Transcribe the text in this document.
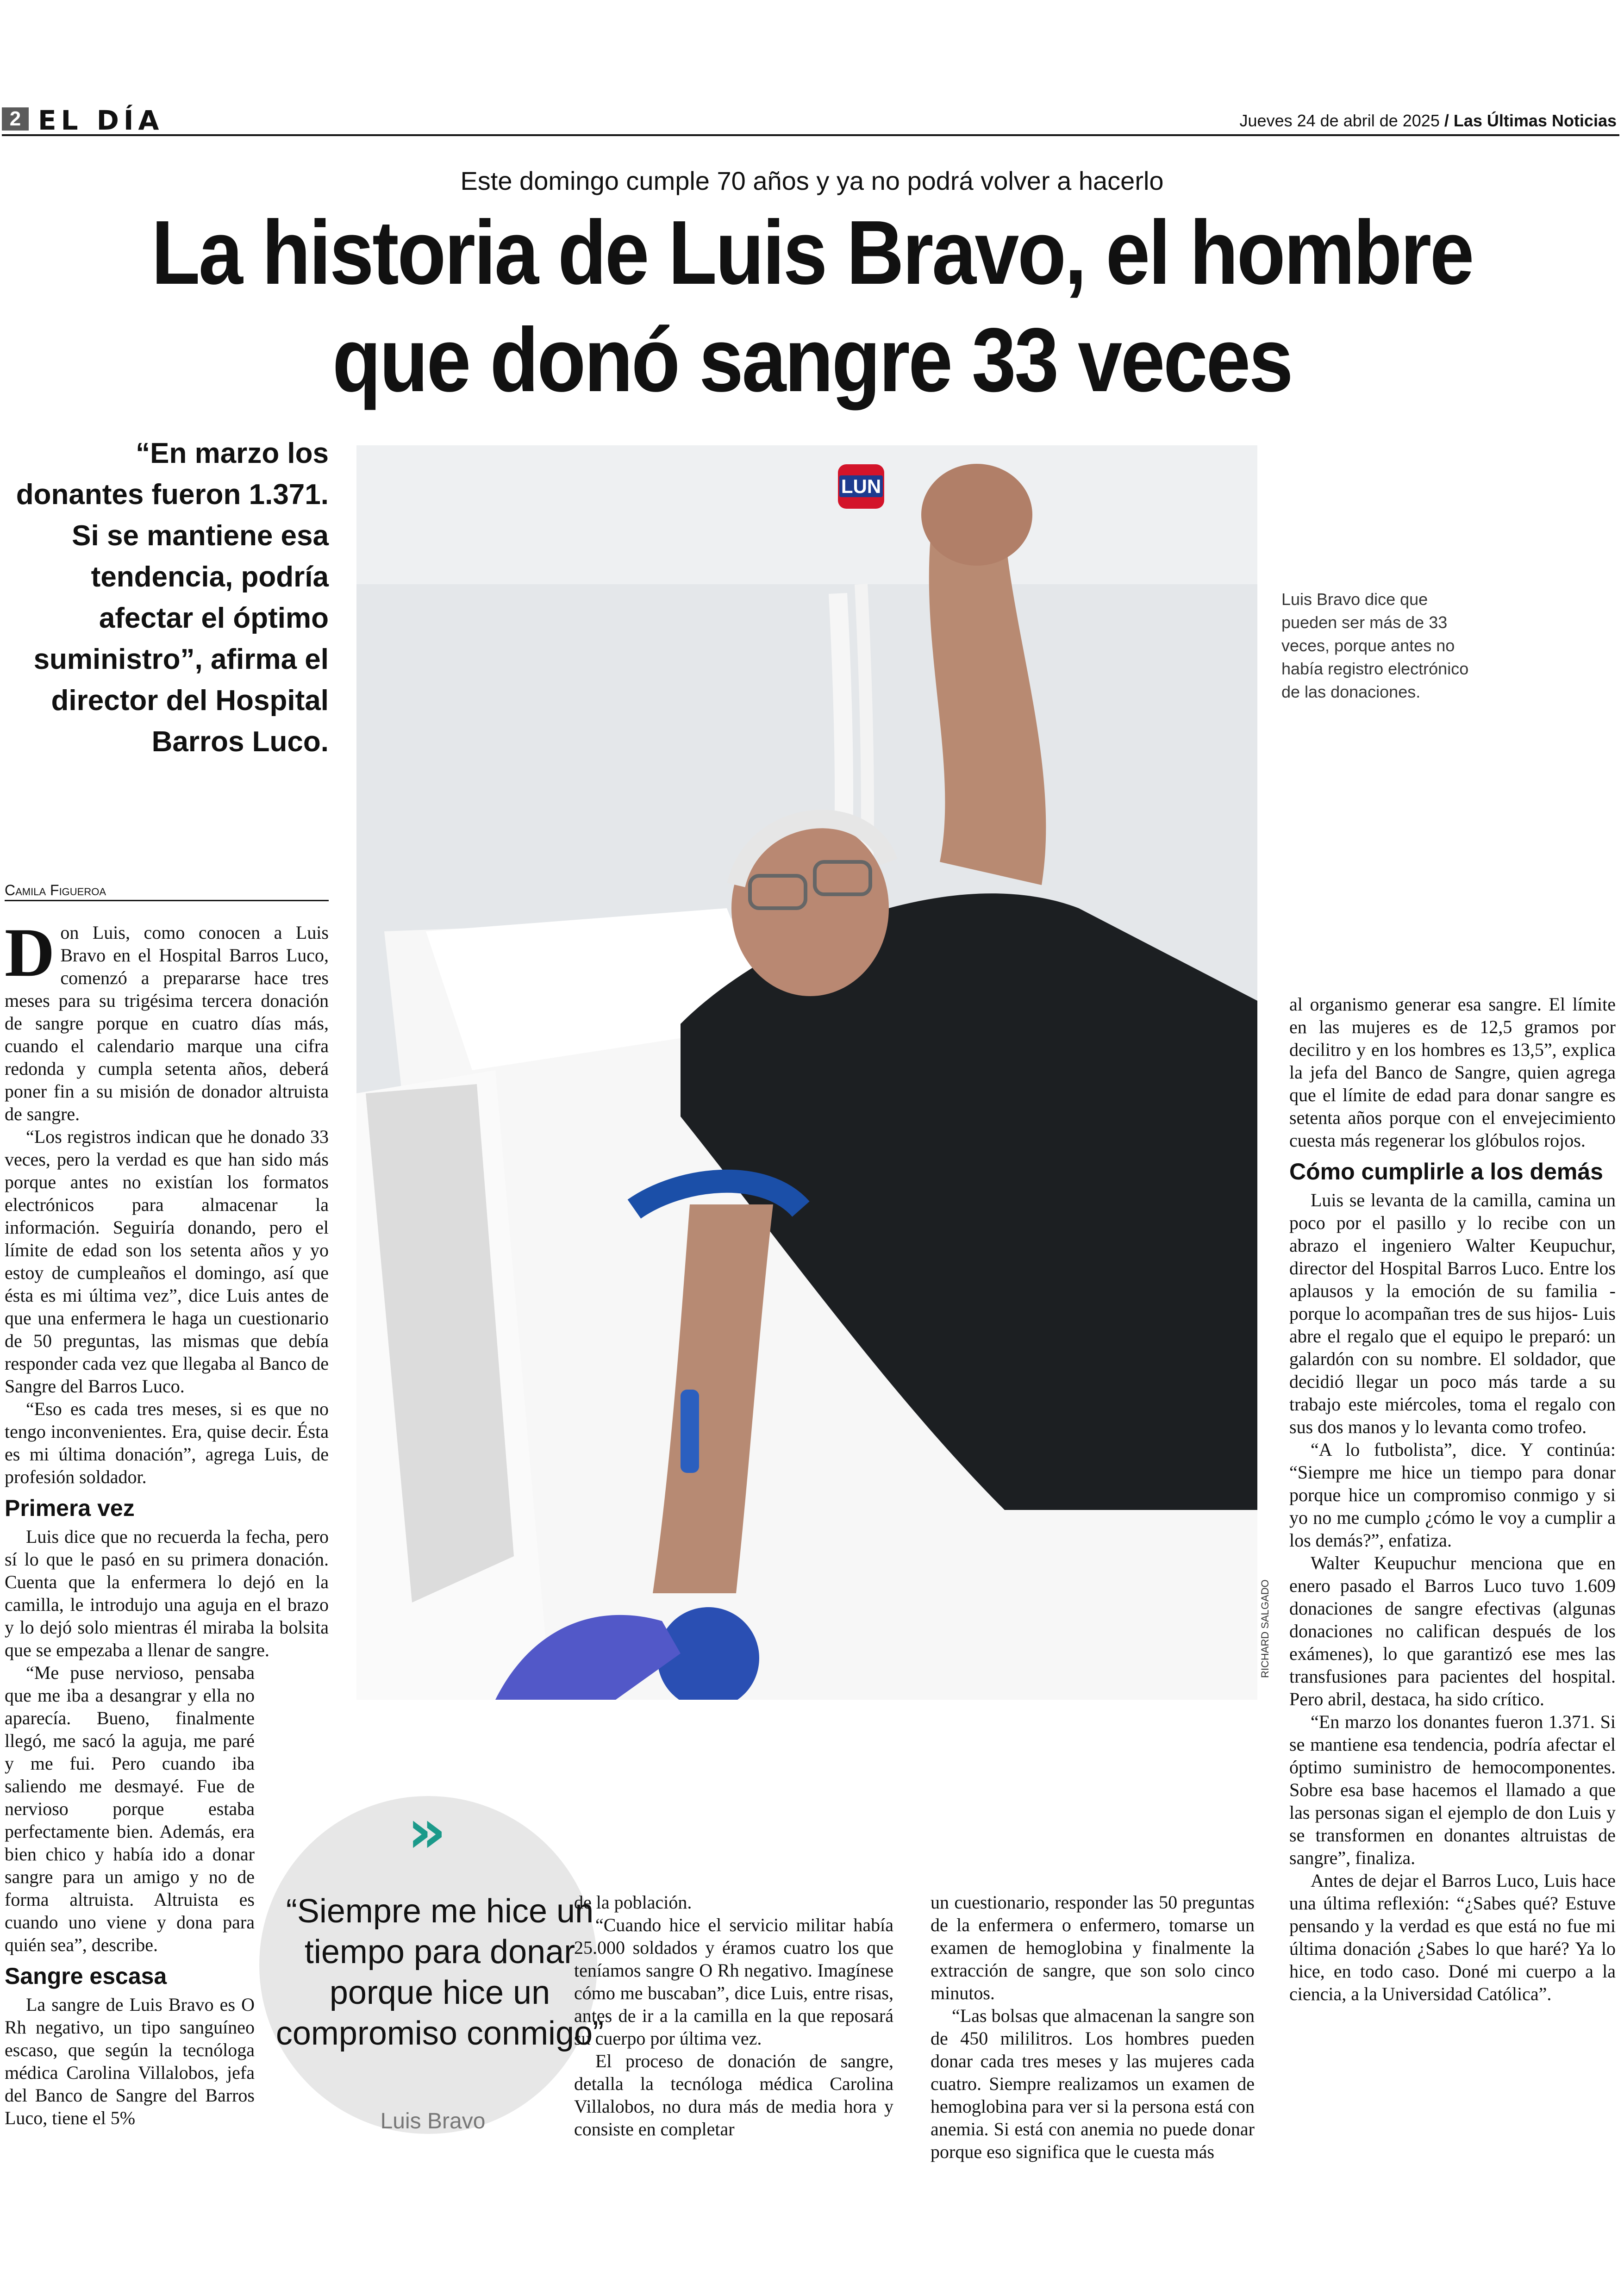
2 EL DÍA	Jueves 24 de abril de 2025 / Las Últimas Noticias
Este domingo cumple 70 años y ya no podrá volver a hacerlo
La historia de Luis Bravo, el hombre
que donó sangre 33 veces
“En marzo los donantes fueron 1.371. Si se mantiene esa tendencia, podría afectar el óptimo suministro”, afirma el director del Hospital Barros Luco.
LUN
RICHARD SALGADO
Luis Bravo dice que pueden ser más de 33 veces, porque antes no había registro electrónico de las donaciones.
Camila Figueroa

Don Luis, como conocen a Luis Bravo en el Hospital Barros Luco, comenzó a prepararse hace tres meses para su trigésima tercera donación de sangre porque en cuatro días más, cuando el calendario marque una cifra redonda y cumpla setenta años, deberá poner fin a su misión de donador altruista de sangre.

“Los registros indican que he donado 33 veces, pero la verdad es que han sido más porque antes no existían los formatos electrónicos para almacenar la información. Seguiría donando, pero el límite de edad son los setenta años y yo estoy de cumpleaños el domingo, así que ésta es mi última vez”, dice Luis antes de que una enfermera le haga un cuestionario de 50 preguntas, las mismas que debía responder cada vez que llegaba al Banco de Sangre del Barros Luco.

“Eso es cada tres meses, si es que no tengo inconvenientes. Era, quise decir. Ésta es mi última donación”, agrega Luis, de profesión soldador.

Primera vez

Luis dice que no recuerda la fecha, pero sí lo que le pasó en su primera donación. Cuenta que la enfermera lo dejó en la camilla, le introdujo una aguja en el brazo y lo dejó solo mientras él miraba la bolsita que se empezaba a llenar de sangre.

“Me puse nervioso, pensaba que me iba a desangrar y ella no aparecía. Bueno, finalmente llegó, me sacó la aguja, me paré y me fui. Pero cuando iba saliendo me desmayé. Fue de nervioso porque estaba perfectamente bien. Además, era bien chico y había ido a donar sangre para un amigo y no de forma altruista. Altruista es cuando uno viene y dona para quién sea”, describe.

Sangre escasa

La sangre de Luis Bravo es O Rh negativo, un tipo sanguíneo escaso, que según la tecnóloga médica Carolina Villalobos, jefa del Banco de Sangre del Barros Luco, tiene el 5%

»
“Siempre me hice un tiempo para donar porque hice un compromiso conmigo”
Luis Bravo

de la población.

“Cuando hice el servicio militar había 25.000 soldados y éramos cuatro los que teníamos sangre O Rh negativo. Imagínese cómo me buscaban”, dice Luis, entre risas, antes de ir a la camilla en la que reposará su cuerpo por última vez.

El proceso de donación de sangre, detalla la tecnóloga médica Carolina Villalobos, no dura más de media hora y consiste en completar

un cuestionario, responder las 50 preguntas de la enfermera o enfermero, tomarse un examen de hemoglobina y finalmente la extracción de sangre, que son solo cinco minutos.

“Las bolsas que almacenan la sangre son de 450 mililitros. Los hombres pueden donar cada tres meses y las mujeres cada cuatro. Siempre realizamos un examen de hemoglobina para ver si la persona está con anemia. Si está con anemia no puede donar porque eso significa que le cuesta más

al organismo generar esa sangre. El límite en las mujeres es de 12,5 gramos por decilitro y en los hombres es 13,5”, explica la jefa del Banco de Sangre, quien agrega que el límite de edad para donar sangre es setenta años porque con el envejecimiento cuesta más regenerar los glóbulos rojos.

Cómo cumplirle a los demás

Luis se levanta de la camilla, camina un poco por el pasillo y lo recibe con un abrazo el ingeniero Walter Keupuchur, director del Hospital Barros Luco. Entre los aplausos y la emoción de su familia -porque lo acompañan tres de sus hijos- Luis abre el regalo que el equipo le preparó: un galardón con su nombre. El soldador, que decidió llegar un poco más tarde a su trabajo este miércoles, toma el regalo con sus dos manos y lo levanta como trofeo.

“A lo futbolista”, dice. Y continúa: “Siempre me hice un tiempo para donar porque hice un compromiso conmigo y si yo no me cumplo ¿cómo le voy a cumplir a los demás?”, enfatiza.

Walter Keupuchur menciona que en enero pasado el Barros Luco tuvo 1.609 donaciones de sangre efectivas (algunas donaciones no califican después de los exámenes), lo que garantizó ese mes las transfusiones para pacientes del hospital. Pero abril, destaca, ha sido crítico.

“En marzo los donantes fueron 1.371. Si se mantiene esa tendencia, podría afectar el óptimo suministro de hemocomponentes. Sobre esa base hacemos el llamado a que las personas sigan el ejemplo de don Luis y se transformen en donantes altruistas de sangre”, finaliza.

Antes de dejar el Barros Luco, Luis hace una última reflexión: “¿Sabes qué? Estuve pensando y la verdad es que está no fue mi última donación ¿Sabes lo que haré? Ya lo hice, en todo caso. Doné mi cuerpo a la ciencia, a la Universidad Católica”.
